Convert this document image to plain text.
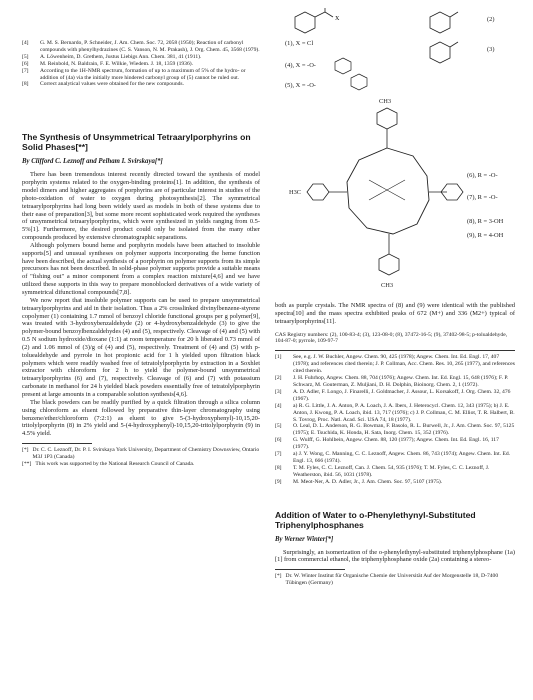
[4]	G. M. S. Bernardo, P. Schneider, J. Am. Chem. Soc. 72, 2058 (1950); Reaction of carbonyl compounds with phenylhydrazines (C. S. Vanson, N. M. Prakash), J. Org. Chem. 45, 3568 (1979).
[5]	A. Löwenheim, D. Grethem, Justus Liebigs Ann. Chem. 381, 41 (1911).
[6]	M. Reinbold, N. Baldrain, F. E. Wilkie, Wiedem. J. 18, 1359 (1936).
[7]	According to the 1H-NMR spectrum, formation of up to a maximum of 5% of the hydro- or addition of (4a) via the initially more hindered carbonyl group of (5) cannot be ruled out.
[8]	Correct analytical values were obtained for the new compounds.
The Synthesis of Unsymmetrical Tetraarylporphyrins on Solid Phases[**]
By Clifford C. Leznoff and Pelham I. Svirskaya[*]

There has been tremendous interest recently directed toward the synthesis of model porphyrin systems related to the oxygen-binding proteins[1]. In addition, the synthesis of model dimers and higher aggregates of porphyrins are of particular interest in studies of the photo-oxidation of water to oxygen during photosynthesis[2]. The symmetrical tetraarylporphyrins had long been widely used as models in both of these systems due to their ease of preparation[3], but some more recent sophisticated work required the syntheses of unsymmetrical tetraarylporphyrins, which were synthesized in yields ranging from 0.5-5%[1]. Furthermore, the desired product could only be isolated from the many other compounds produced by extensive chromatographic separations.

Although polymers bound heme and porphyrin models have been attached to insoluble supports[5] and unusual syntheses on polymer supports incorporating the heme function have been described, the actual synthesis of a porphyrin on polymer supports from its simple precursors has not been described. In solid-phase polymer supports provide a suitable means of "fishing out" a minor component from a complex reaction mixture[4,6] and we have utilized these supports in this way to prepare monoblocked derivatives of a wide variety of symmetrical difunctional compounds[7,8].

We now report that insoluble polymer supports can be used to prepare unsymmetrical tetraarylporphyrins and aid in their isolation. Thus a 2% crosslinked divinylbenzene-styrene copolymer (1) containing 1.7 mmol of benzoyl chloride functional groups per g polymer[9], was treated with 3-hydroxybenzaldehyde (2) or 4-hydroxybenzaldehyde (3) to give the polymer-bound benzoylbenzaldehydes (4) and (5), respectively. Cleavage of (4) and (5) with 0.5 N sodium hydroxide/dioxane (1:1) at room temperature for 20 h liberated 0.73 mmol of (2) and 1.06 mmol of (3)/g of (4) and (5), respectively. Treatment of (4) and (5) with p-toluealdehyde and pyrrole in hot propionic acid for 1 h yielded upon filtration black polymers which were readily washed free of tetratolylporphyrin by extraction in a Soxhlet extractor with chloroform for 2 h to yield the polymer-bound unsymmetrical tetraarylporphyrins (6) and (7), respectively. Cleavage of (6) and (7) with potassium carbonate in methanol for 24 h yielded black powders essentially free of tetratolylporphyrin present at large amounts in a comparable solution synthesis[4,6].

The black powders can be readily purified by a quick filtration through a silica column using chloroform as eluent followed by preparative thin-layer chromatography using benzene/ether/chloroform (7:2:1) as eluent to give 5-(3-hydroxyphenyl)-10,15,20-tritolylporphyrin (8) in 2% yield and 5-(4-hydroxyphenyl)-10,15,20-tritolylporphyrin (9) in 4.5% yield.

[*] Dr. C. C. Leznoff, Dr. P. I. Svirskaya York University, Department of Chemistry Downsview, Ontario M3J 1P3 (Canada)
[**] This work was supported by the National Research Council of Canada.
X
(1), X = Cl
(4), X = -O-
(5), X = -O-
(2)
(3)
CH3
H3C
CH3
(6), R = -O-
(7), R = -O-
(8), R = 3-OH
(9), R = 4-OH

both as purple crystals. The NMR spectra of (8) and (9) were identical with the published spectra[10] and the mass spectra exhibited peaks of 672 (M+) and 336 (M2+) typical of tetraarylporphyrins[11].

CAS Registry numbers: (2), 100-83-4; (3), 123-08-0; (8), 37472-16-5; (9), 37402-98-5; p-tolualdehyde, 104-87-0; pyrrole, 109-97-7
[1]	See, e.g. J. W. Buchler, Angew. Chem. 90, 425 (1978); Angew. Chem. Int. Ed. Engl. 17, 407 (1978); and references cited therein; J. P. Collman, Acc. Chem. Res. 10, 265 (1977), and references cited therein.
[2]	J. H. Fuhrhop, Angew. Chem. 88, 704 (1976); Angew. Chem. Int. Ed. Engl. 15, 648 (1976); F. P. Schwarz, M. Gouterman, Z. Muljiani, D. H. Dolphin, Bioinorg. Chem. 2, 1 (1972).
[3]	A. D. Adler, F. Longo, J. Finarelli, J. Goldmacher, J. Assour, L. Korsakoff, J. Org. Chem. 32, 476 (1967).
[4]	a) R. G. Little, J. A. Anton, P. A. Loach, J. A. Ibers, J. Heterocycl. Chem. 12, 343 (1975); b) J. E. Anton, J. Kwong, P. A. Loach, ibid. 13, 717 (1976); c) J. P. Collman, C. M. Elliot, T. R. Halbert, B. S. Tovrog, Proc. Natl. Acad. Sci. USA 74, 18 (1977).
[5]	O. Leal, D. L. Anderson, R. G. Bowman, F. Basolo, R. L. Burwell, Jr., J. Am. Chem. Soc. 97, 5125 (1975); E. Tsuchida, K. Honda, H. Sata, Inorg. Chem. 15, 352 (1976).
[6]	G. Wulff, G. Hohlbein, Angew. Chem. 88, 120 (1977); Angew. Chem. Int. Ed. Engl. 16, 117 (1977).
[7]	a) J. Y. Wong, C. Manning, C. C. Leznoff, Angew. Chem. 86, 743 (1974); Angew. Chem. Int. Ed. Engl. 13, 666 (1974).
[8]	T. M. Fyles, C. C. Leznoff, Can. J. Chem. 54, 935 (1976); T. M. Fyles, C. C. Leznoff, J. Weatherston, ibid. 56, 1031 (1978).
[9]	M. Meot-Ner, A. D. Adler, Jr., J. Am. Chem. Soc. 97, 5107 (1975).
Addition of Water to o-Phenylethynyl-Substituted Triphenylphosphanes
By Werner Winter[*]

Surprisingly, an isomerization of the o-phenylethynyl-substituted triphenylphosphane (1a)[1] from commercial ethanol, the triphenylphosphane oxide (2a) containing a stereo-

[*] Dr. W. Winter Institut für Organische Chemie der Universität Auf der Morgenstelle 18, D-7400 Tübingen (Germany)
